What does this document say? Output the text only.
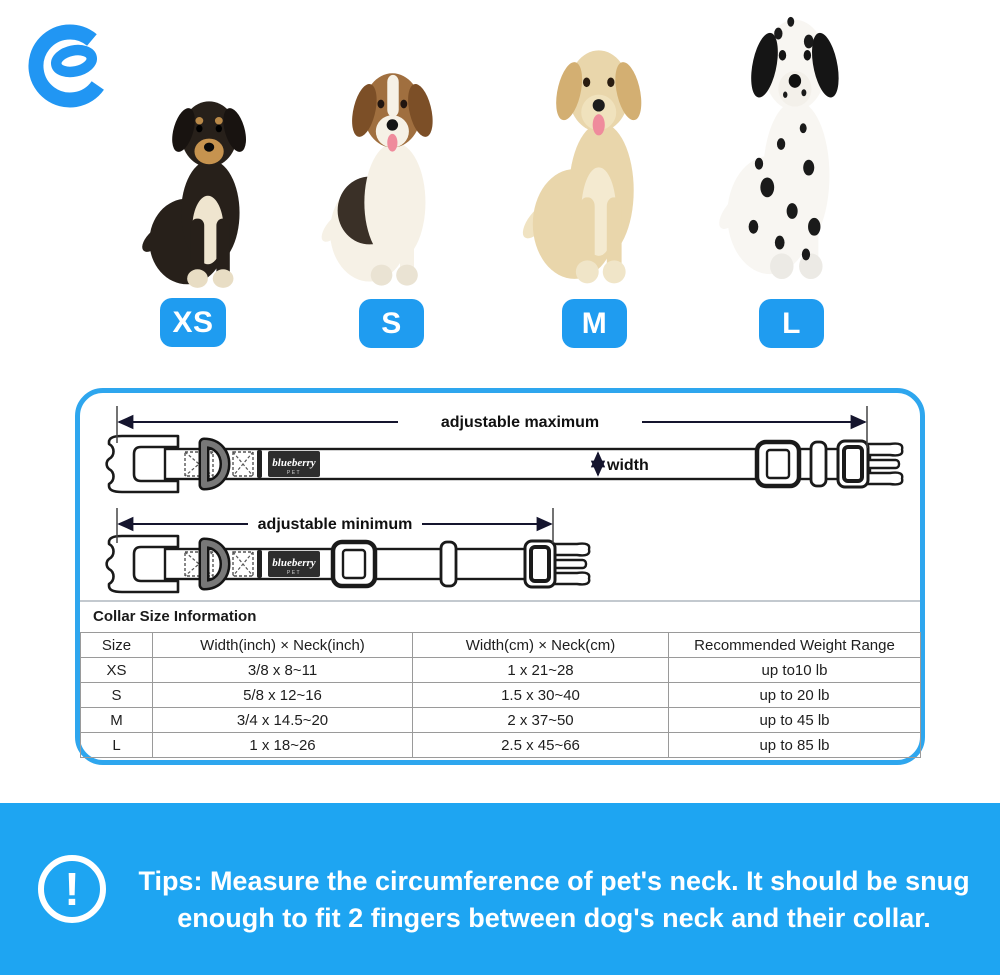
XS	S	M	L
blueberry
PET
adjustable maximum
width
adjustable minimum
Collar Size Information
Size	Width(inch) × Neck(inch)	Width(cm) × Neck(cm)	Recommended Weight Range
XS	3/8 x 8~11	1 x 21~28	up to10 lb
S	5/8 x 12~16	1.5 x 30~40	up to 20 lb
M	3/4 x 14.5~20	2 x 37~50	up to 45 lb
L	1 x 18~26	2.5 x 45~66	up to 85 lb
!	Tips: Measure the circumference of pet's neck. It should be snug
enough to fit 2 fingers between dog's neck and their collar.
